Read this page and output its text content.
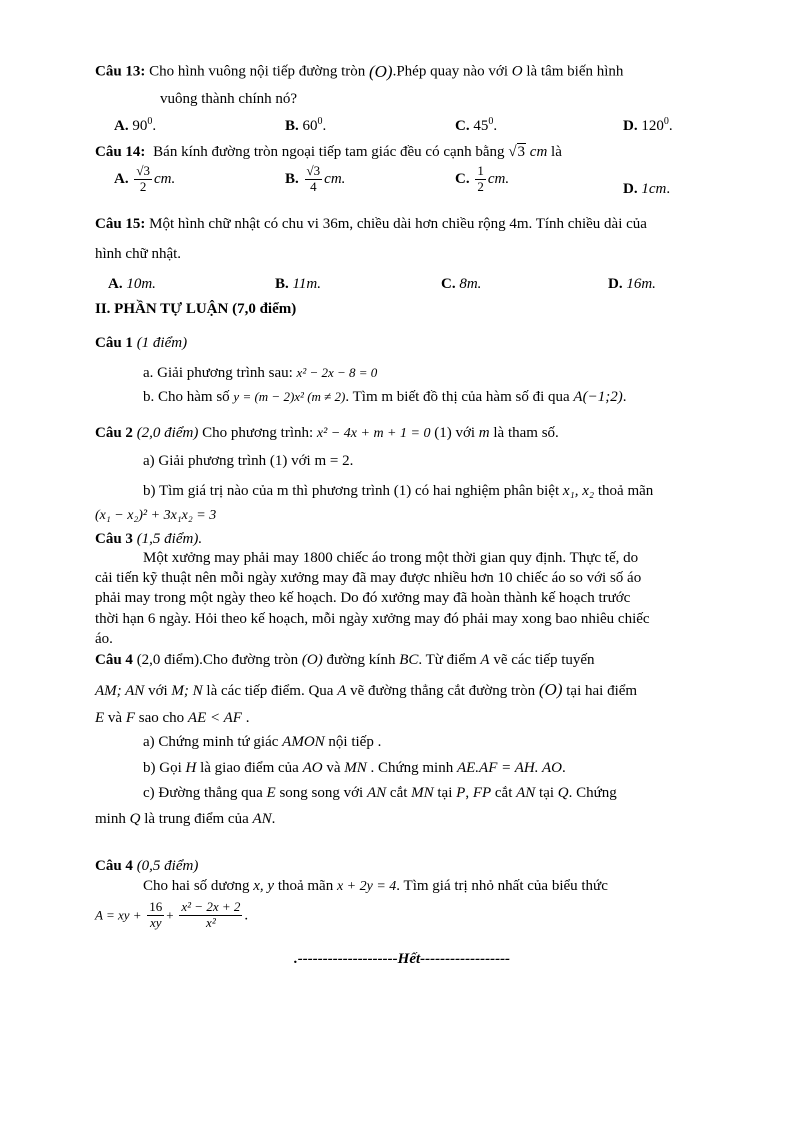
Câu 13: Cho hình vuông nội tiếp đường tròn (O).Phép quay nào với O là tâm biến hình
vuông thành chính nó?
A. $90^0$.	B. $60^0$.	C. $45^0$.	D. $120^0$.
Câu 14: Bán kính đường tròn ngoại tiếp tam giác đều có cạnh bằng √3 cm là
A. $\frac{√3}{2}$ cm.	B. $\frac{√3}{4}$ cm.	C. $\frac{1}{2}$ cm.
D. 1cm.
Câu 15: Một hình chữ nhật có chu vi 36m, chiều dài hơn chiều rộng 4m. Tính chiều dài của
hình chữ nhật.
A. 10m.	B. 11m.	C. 8m.	D. 16m.
II. PHẦN TỰ LUẬN (7,0 điểm)
Câu 1 (1 điểm)
a. Giải phương trình sau: x² − 2x − 8 = 0
b. Cho hàm số y = (m − 2)x² (m ≠ 2). Tìm m biết đồ thị của hàm số đi qua A(−1;2).
Câu 2 (2,0 điểm) Cho phương trình: x² − 4x + m + 1 = 0 (1) với m là tham số.
a) Giải phương trình (1) với m = 2.
b) Tìm giá trị nào của m thì phương trình (1) có hai nghiệm phân biệt x₁, x₂ thoả mãn
(x₁ − x₂)² + 3x₁x₂ = 3
Câu 3 (1,5 điểm).
Một xưởng may phải may 1800 chiếc áo trong một thời gian quy định. Thực tế, do
cải tiến kỹ thuật nên mỗi ngày xưởng may đã may được nhiều hơn 10 chiếc áo so với số áo
phải may trong một ngày theo kế hoạch. Do đó xưởng may đã hoàn thành kế hoạch trước
thời hạn 6 ngày. Hỏi theo kế hoạch, mỗi ngày xưởng may đó phải may xong bao nhiêu chiếc
áo.
Câu 4 (2,0 điểm).Cho đường tròn (O) đường kính BC. Từ điểm A vẽ các tiếp tuyến
AM; AN với M; N là các tiếp điểm. Qua A vẽ đường thẳng cắt đường tròn (O) tại hai điểm
E và F sao cho AE < AF .
a) Chứng minh tứ giác AMON nội tiếp .
b) Gọi H là giao điểm của AO và MN . Chứng minh AE.AF = AH. AO.
c) Đường thẳng qua E song song với AN cắt MN tại P, FP cắt AN tại Q. Chứng
minh Q là trung điểm của AN.
Câu 4 (0,5 điểm)
Cho hai số dương x, y thoả mãn x + 2y = 4. Tìm giá trị nhỏ nhất của biểu thức
A = xy + $\frac{16}{xy} + \frac{\text{x² − 2x + 2}}{\text{x²}}$ .
.--------------------Hết------------------
